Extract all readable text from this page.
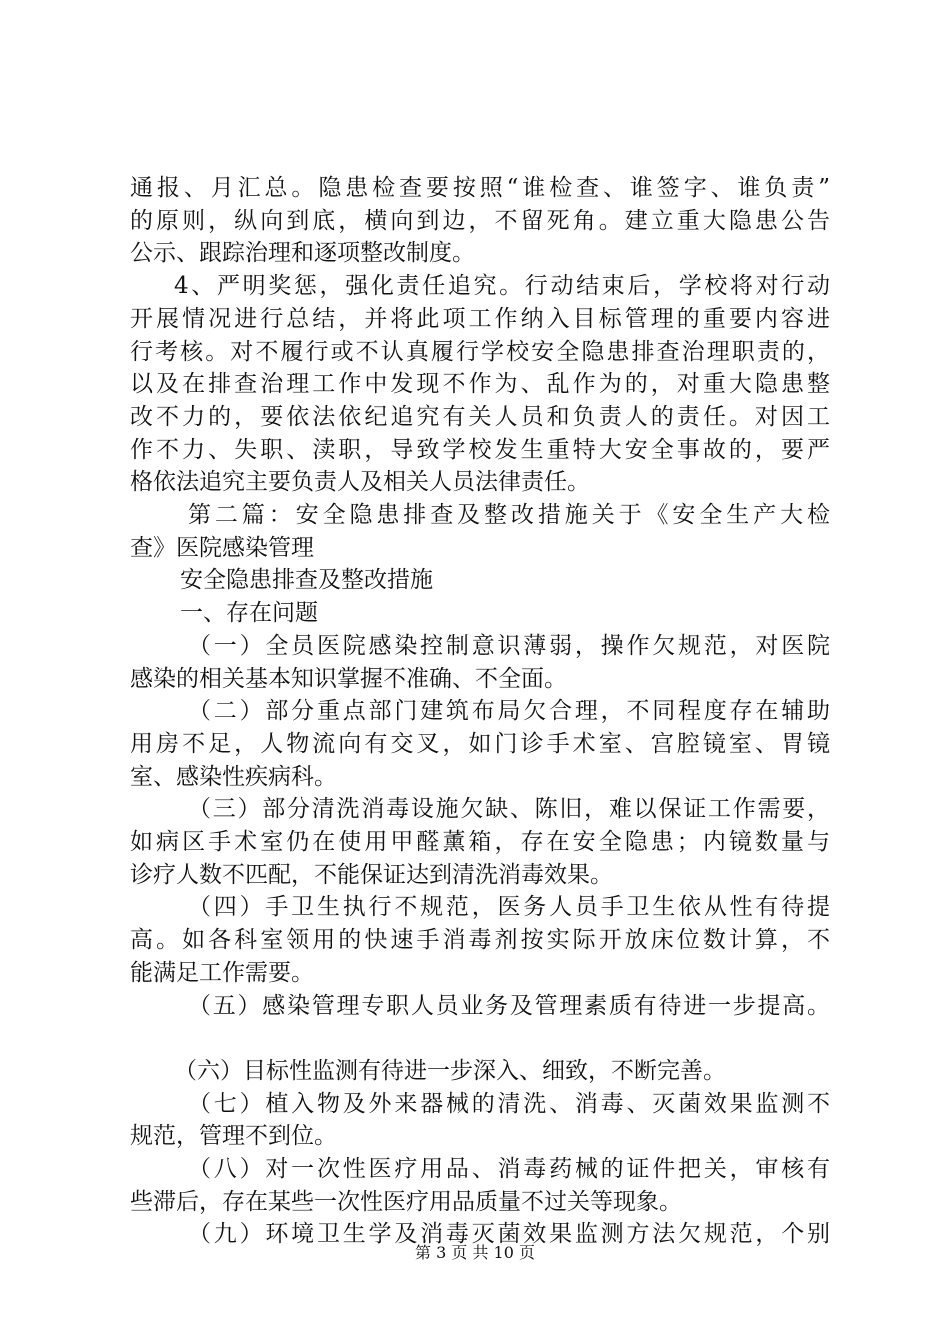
通报、月汇总。隐患检查要按照“谁检查、谁签字、谁负责”
的原则，纵向到底，横向到边，不留死角。建立重大隐患公告
公示、跟踪治理和逐项整改制度。
4、严明奖惩，强化责任追究。行动结束后，学校将对行动
开展情况进行总结，并将此项工作纳入目标管理的重要内容进
行考核。对不履行或不认真履行学校安全隐患排查治理职责的，
以及在排查治理工作中发现不作为、乱作为的，对重大隐患整
改不力的，要依法依纪追究有关人员和负责人的责任。对因工
作不力、失职、渎职，导致学校发生重特大安全事故的，要严
格依法追究主要负责人及相关人员法律责任。
第二篇：安全隐患排查及整改措施关于《安全生产大检
查》医院感染管理
安全隐患排查及整改措施
一、存在问题
（一）全员医院感染控制意识薄弱，操作欠规范，对医院
感染的相关基本知识掌握不准确、不全面。
（二）部分重点部门建筑布局欠合理，不同程度存在辅助
用房不足，人物流向有交叉，如门诊手术室、宫腔镜室、胃镜
室、感染性疾病科。
（三）部分清洗消毒设施欠缺、陈旧，难以保证工作需要，
如病区手术室仍在使用甲醛薰箱，存在安全隐患；内镜数量与
诊疗人数不匹配，不能保证达到清洗消毒效果。
（四）手卫生执行不规范，医务人员手卫生依从性有待提
高。如各科室领用的快速手消毒剂按实际开放床位数计算，不
能满足工作需要。
（五）感染管理专职人员业务及管理素质有待进一步提高。
（六）目标性监测有待进一步深入、细致，不断完善。
（七）植入物及外来器械的清洗、消毒、灭菌效果监测不
规范，管理不到位。
（八）对一次性医疗用品、消毒药械的证件把关，审核有
些滞后，存在某些一次性医疗用品质量不过关等现象。
（九）环境卫生学及消毒灭菌效果监测方法欠规范，个别
第 3 页 共 10 页
